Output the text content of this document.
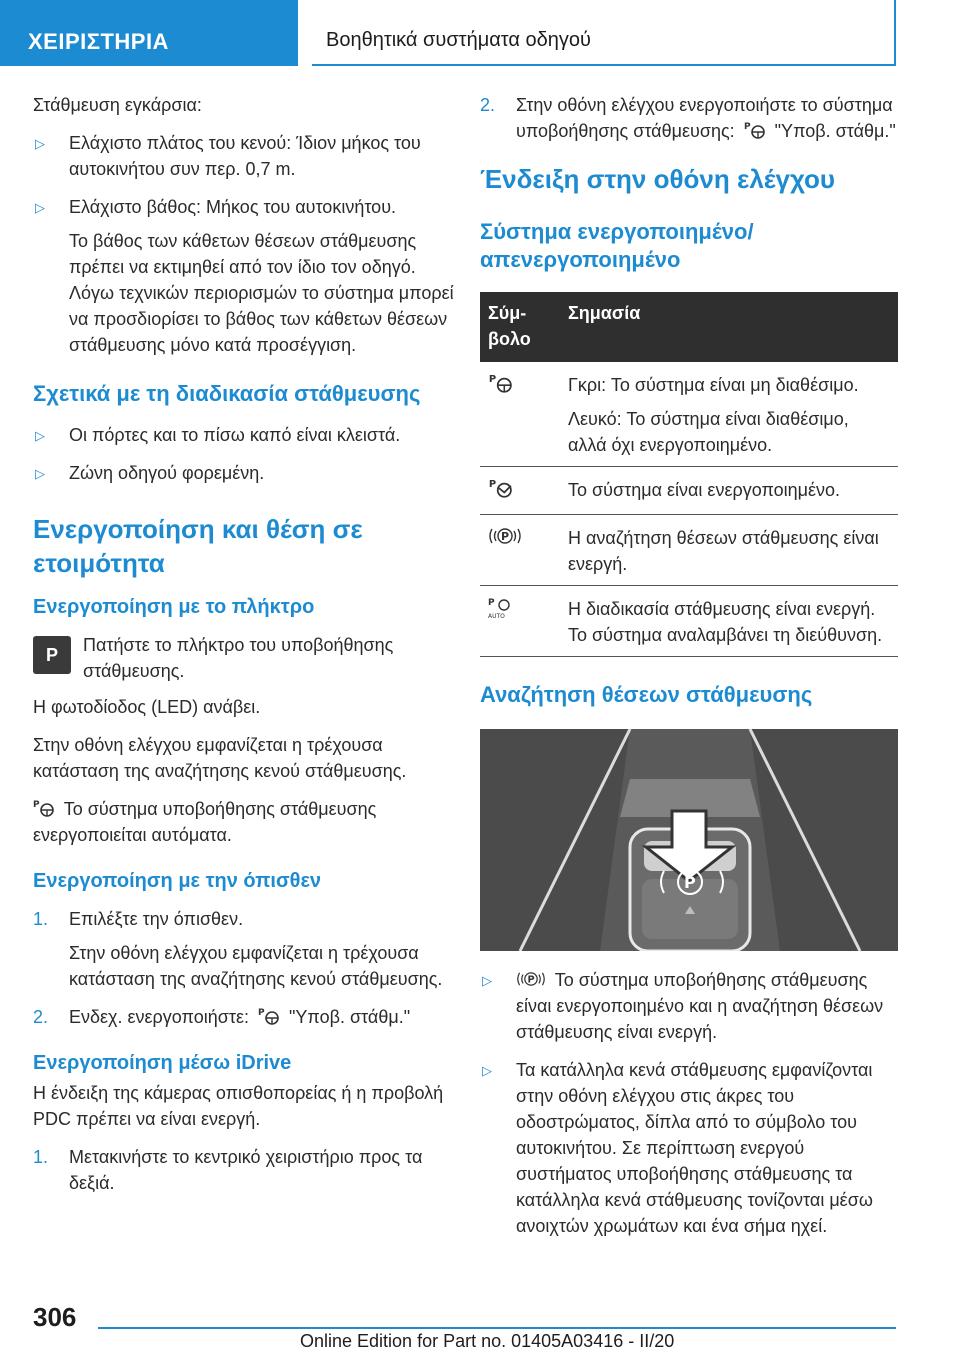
ΧΕΙΡΙΣΤΗΡΙΑ	Βοηθητικά συστήματα οδηγού
Στάθμευση εγκάρσια:
▷ Ελάχιστο πλάτος του κενού: Ίδιον μήκος του αυτοκινήτου συν περ. 0,7 m.
▷ Ελάχιστο βάθος: Μήκος του αυτοκινήτου.
Το βάθος των κάθετων θέσεων στάθμευσης πρέπει να εκτιμηθεί από τον ίδιο τον οδηγό. Λόγω τεχνικών περιορισμών το σύστημα μπορεί να προσδιορίσει το βάθος των κάθετων θέσεων στάθμευσης μόνο κατά προσέγγιση.
Σχετικά με τη διαδικασία στάθμευσης
▷ Οι πόρτες και το πίσω καπό είναι κλειστά.
▷ Ζώνη οδηγού φορεμένη.
Ενεργοποίηση και θέση σε ετοιμότητα
Ενεργοποίηση με το πλήκτρο
P	Πατήστε το πλήκτρο του υποβοήθησης στάθμευσης.
Η φωτοδίοδος (LED) ανάβει.
Στην οθόνη ελέγχου εμφανίζεται η τρέχουσα κατάσταση της αναζήτησης κενού στάθμευσης.
P Το σύστημα υποβοήθησης στάθμευσης ενεργοποιείται αυτόματα.
Ενεργοποίηση με την όπισθεν
1. Επιλέξτε την όπισθεν.
Στην οθόνη ελέγχου εμφανίζεται η τρέχουσα κατάσταση της αναζήτησης κενού στάθμευσης.
2. Ενδεχ. ενεργοποιήστε: P "Υποβ. στάθμ."
Ενεργοποίηση μέσω iDrive
Η ένδειξη της κάμερας οπισθοπορείας ή η προβολή PDC πρέπει να είναι ενεργή.
1. Μετακινήστε το κεντρικό χειριστήριο προς τα δεξιά.
2. Στην οθόνη ελέγχου ενεργοποιήστε το σύστημα υποβοήθησης στάθμευσης: P "Υποβ. στάθμ."
Ένδειξη στην οθόνη ελέγχου
Σύστημα ενεργοποιημένο/ απενεργοποιημένο
Σύμ- βολο	Σημασία

P	Γκρι: Το σύστημα είναι μη διαθέσιμο.

Λευκό: Το σύστημα είναι διαθέσιμο, αλλά όχι ενεργοποιημένο.

P	Το σύστημα είναι ενεργοποιημένο.

P	Η αναζήτηση θέσεων στάθμευσης είναι ενεργή.

P
AUTO	Η διαδικασία στάθμευσης είναι ενεργή. Το σύστημα αναλαμβάνει τη διεύθυνση.
Αναζήτηση θέσεων στάθμευσης
P
▷	P Το σύστημα υποβοήθησης στάθμευσης είναι ενεργοποιημένο και η αναζήτηση θέσεων στάθμευσης είναι ενεργή.
▷ Τα κατάλληλα κενά στάθμευσης εμφανίζονται στην οθόνη ελέγχου στις άκρες του οδοστρώματος, δίπλα από το σύμβολο του αυτοκινήτου. Σε περίπτωση ενεργού συστήματος υποβοήθησης στάθμευσης τα κατάλληλα κενά στάθμευσης τονίζονται μέσω ανοιχτών χρωμάτων και ένα σήμα ηχεί.
306
Online Edition for Part no. 01405A03416 - II/20
